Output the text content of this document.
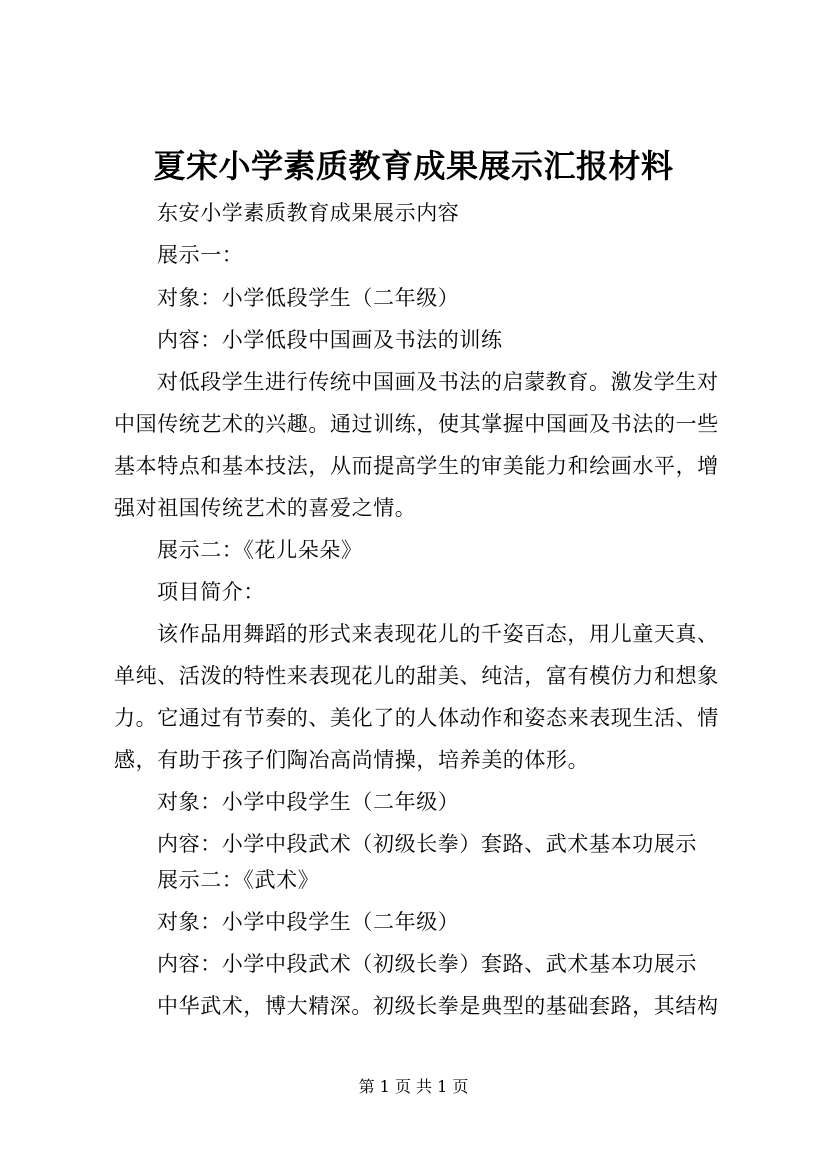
夏宋小学素质教育成果展示汇报材料
东安小学素质教育成果展示内容
展示一：
对象：小学低段学生（二年级）
内容：小学低段中国画及书法的训练
对低段学生进行传统中国画及书法的启蒙教育。激发学生对
中国传统艺术的兴趣。通过训练，使其掌握中国画及书法的一些
基本特点和基本技法，从而提高学生的审美能力和绘画水平，增
强对祖国传统艺术的喜爱之情。
展示二：《花儿朵朵》
项目简介：
该作品用舞蹈的形式来表现花儿的千姿百态，用儿童天真、
单纯、活泼的特性来表现花儿的甜美、纯洁，富有模仿力和想象
力。它通过有节奏的、美化了的人体动作和姿态来表现生活、情
感，有助于孩子们陶冶高尚情操，培养美的体形。
对象：小学中段学生（二年级）
内容：小学中段武术（初级长拳）套路、武术基本功展示
展示二：《武术》
对象：小学中段学生（二年级）
内容：小学中段武术（初级长拳）套路、武术基本功展示
中华武术，博大精深。初级长拳是典型的基础套路，其结构
第 1 页 共 1 页
